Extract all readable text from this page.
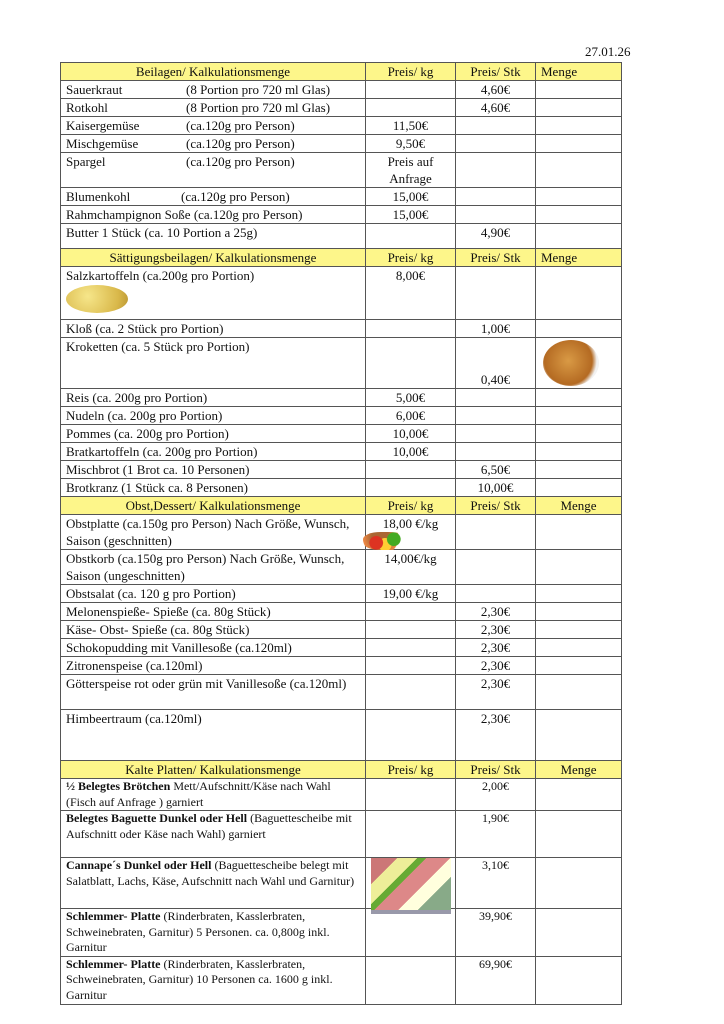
27.01.26
Beilagen/ Kalkulationsmenge	Preis/ kg	Preis/ Stk	Menge

Sauerkraut (8 Portion pro 720 ml Glas)		4,60€	

Rotkohl (8 Portion pro 720 ml Glas)		4,60€	

Kaisergemüse (ca.120g pro Person)	11,50€		

Mischgemüse (ca.120g pro Person)	9,50€		

Spargel (ca.120g pro Person)	Preis auf Anfrage		

Blumenkohl (ca.120g pro Person)	15,00€		

Rahmchampignon Soße (ca.120g pro Person)	15,00€		

Butter 1 Stück (ca. 10 Portion a 25g)		4,90€	
Sättigungsbeilagen/ Kalkulationsmenge	Preis/ kg	Preis/ Stk	Menge

Salzkartoffeln (ca.200g pro Portion)	8,00€		

Kloß (ca. 2 Stück pro Portion)		1,00€	

Kroketten (ca. 5 Stück pro Portion)		0,40€	

Reis (ca. 200g pro Portion)	5,00€		

Nudeln (ca. 200g pro Portion)	6,00€		

Pommes (ca. 200g pro Portion)	10,00€		

Bratkartoffeln (ca. 200g pro Portion)	10,00€		

Mischbrot (1 Brot ca. 10 Personen)		6,50€	

Brotkranz (1 Stück ca. 8 Personen)		10,00€	
Obst,Dessert/ Kalkulationsmenge	Preis/ kg	Preis/ Stk	Menge

Obstplatte (ca.150g pro Person) Nach Größe, Wunsch, Saison (geschnitten)	18,00 €/kg		

Obstkorb (ca.150g pro Person) Nach Größe, Wunsch, Saison (ungeschnitten)	14,00€/kg		

Obstsalat (ca. 120 g pro Portion)	19,00 €/kg		

Melonenspieße- Spieße (ca. 80g Stück)		2,30€	

Käse- Obst- Spieße (ca. 80g Stück)		2,30€	

Schokopudding mit Vanillesoße (ca.120ml)		2,30€	

Zitronenspeise (ca.120ml)		2,30€	

Götterspeise rot oder grün mit Vanillesoße (ca.120ml)		2,30€	

Himbeertraum (ca.120ml)		2,30€	
Kalte Platten/ Kalkulationsmenge	Preis/ kg	Preis/ Stk	Menge

½ Belegtes Brötchen Mett/Aufschnitt/Käse nach Wahl (Fisch auf Anfrage ) garniert		2,00€	

Belegtes Baguette Dunkel oder Hell (Baguettescheibe mit Aufschnitt oder Käse nach Wahl) garniert		1,90€	

Cannape´s Dunkel oder Hell (Baguettescheibe belegt mit Salatblatt, Lachs, Käse, Aufschnitt nach Wahl und Garnitur)		3,10€	

Schlemmer- Platte (Rinderbraten, Kasslerbraten, Schweinebraten, Garnitur) 5 Personen. ca. 0,800g inkl. Garnitur		39,90€	

Schlemmer- Platte (Rinderbraten, Kasslerbraten, Schweinebraten, Garnitur) 10 Personen ca. 1600 g inkl. Garnitur		69,90€	
